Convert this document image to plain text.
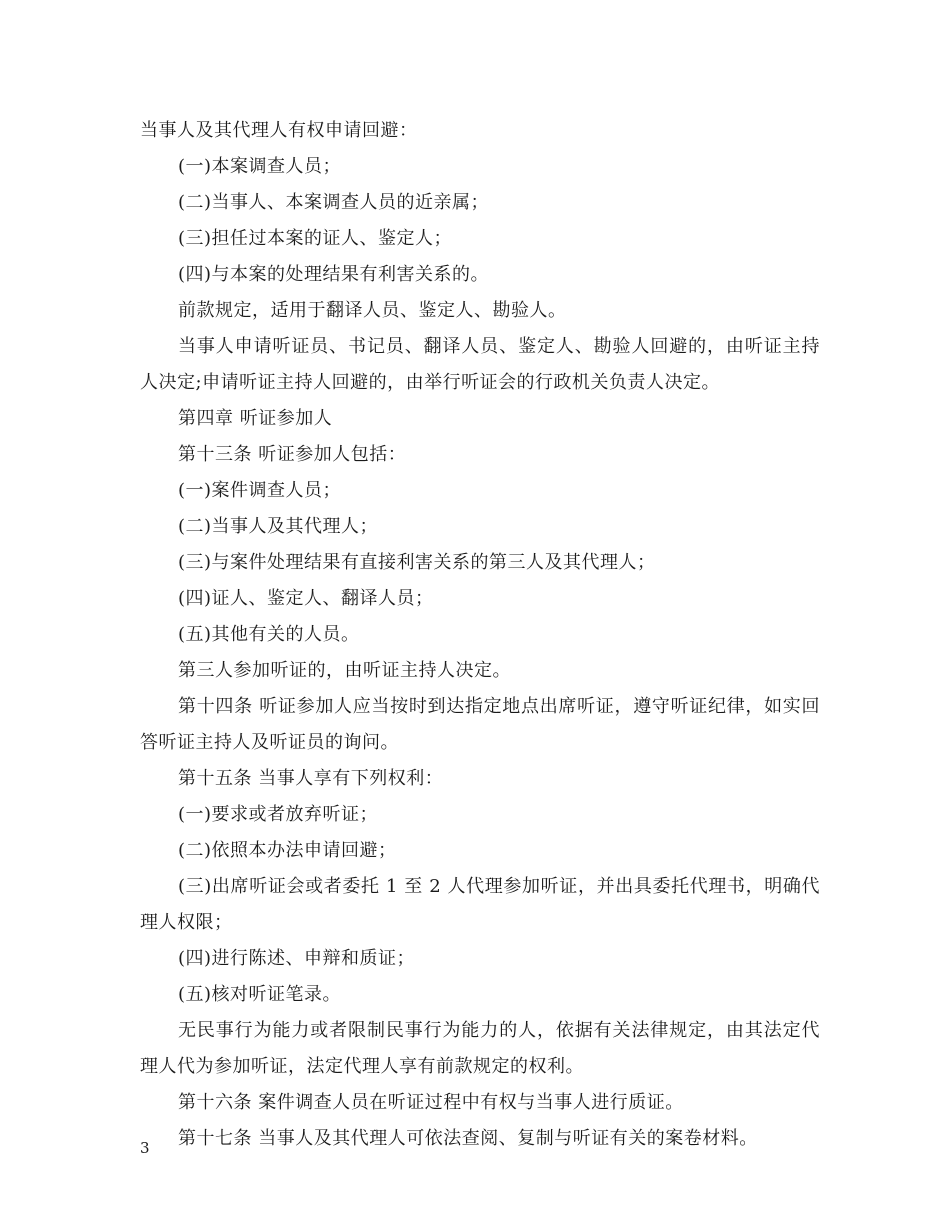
当事人及其代理人有权申请回避：

(一)本案调查人员；

(二)当事人、本案调查人员的近亲属；

(三)担任过本案的证人、鉴定人；

(四)与本案的处理结果有利害关系的。

前款规定，适用于翻译人员、鉴定人、勘验人。

当事人申请听证员、书记员、翻译人员、鉴定人、勘验人回避的，由听证主持人决定;申请听证主持人回避的，由举行听证会的行政机关负责人决定。

第四章 听证参加人

第十三条 听证参加人包括：

(一)案件调查人员；

(二)当事人及其代理人；

(三)与案件处理结果有直接利害关系的第三人及其代理人；

(四)证人、鉴定人、翻译人员；

(五)其他有关的人员。

第三人参加听证的，由听证主持人决定。

第十四条 听证参加人应当按时到达指定地点出席听证，遵守听证纪律，如实回答听证主持人及听证员的询问。

第十五条 当事人享有下列权利：

(一)要求或者放弃听证；

(二)依照本办法申请回避；

(三)出席听证会或者委托 1 至 2 人代理参加听证，并出具委托代理书，明确代理人权限；

(四)进行陈述、申辩和质证；

(五)核对听证笔录。

无民事行为能力或者限制民事行为能力的人，依据有关法律规定，由其法定代理人代为参加听证，法定代理人享有前款规定的权利。

第十六条 案件调查人员在听证过程中有权与当事人进行质证。

第十七条 当事人及其代理人可依法查阅、复制与听证有关的案卷材料。

3
